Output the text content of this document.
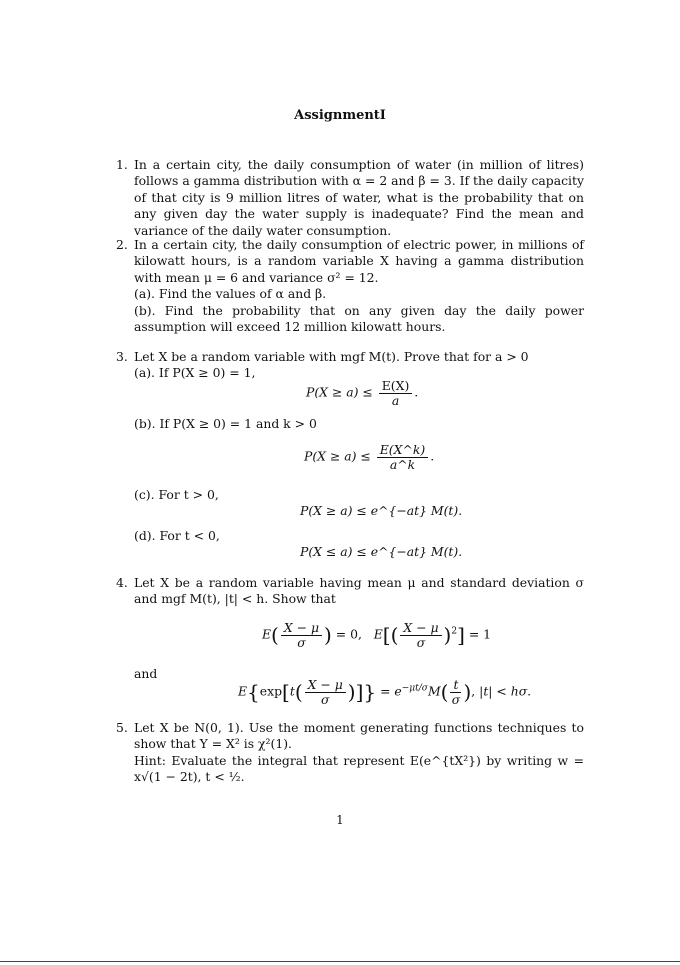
AssignmentI
1. In a certain city, the daily consumption of water (in million of litres) follows a gamma distribution with α = 2 and β = 3. If the daily capacity of that city is 9 million litres of water, what is the probability that on any given day the water supply is inadequate? Find the mean and variance of the daily water consumption.

2. In a certain city, the daily consumption of electric power, in millions of kilowatt hours, is a random variable X having a gamma distribution with mean μ = 6 and variance σ² = 12.

(a). Find the values of α and β.

(b). Find the probability that on any given day the daily power assumption will exceed 12 million kilowatt hours.

3. Let X be a random variable with mgf M(t). Prove that for a > 0

(a). If P(X ≥ 0) = 1,

$P(X \ge a) \le \frac{E(X)}{a}$ .

(b). If P(X ≥ 0) = 1 and k > 0

$P(X \ge a) \le \frac{E(X\^{}k)}{a\^{}k}$ .

(c). For t > 0,

P(X ≥ a) ≤ e^{−at} M(t).

(d). For t < 0,

P(X ≤ a) ≤ e^{−at} M(t).
4. Let X be a random variable having mean μ and standard deviation σ and mgf M(t), |t| < h. Show that

$E( \frac{X - \mu}{\sigma}$ ) = 0,   $E[( \frac{X - \mu}{\sigma} )^2] = 1$

and

$E\{\exp[t( \frac{X - \mu}{\sigma}$ )]} = $e^{-\mu t/\sigma}M( \frac{t}{\sigma}$ ), |t| < hσ.
5. Let X be N(0, 1). Use the moment generating functions techniques to show that Y = X² is χ²(1).

Hint: Evaluate the integral that represent E(e^{tX²}) by writing w = x√(1 − 2t), t < ½.

1
